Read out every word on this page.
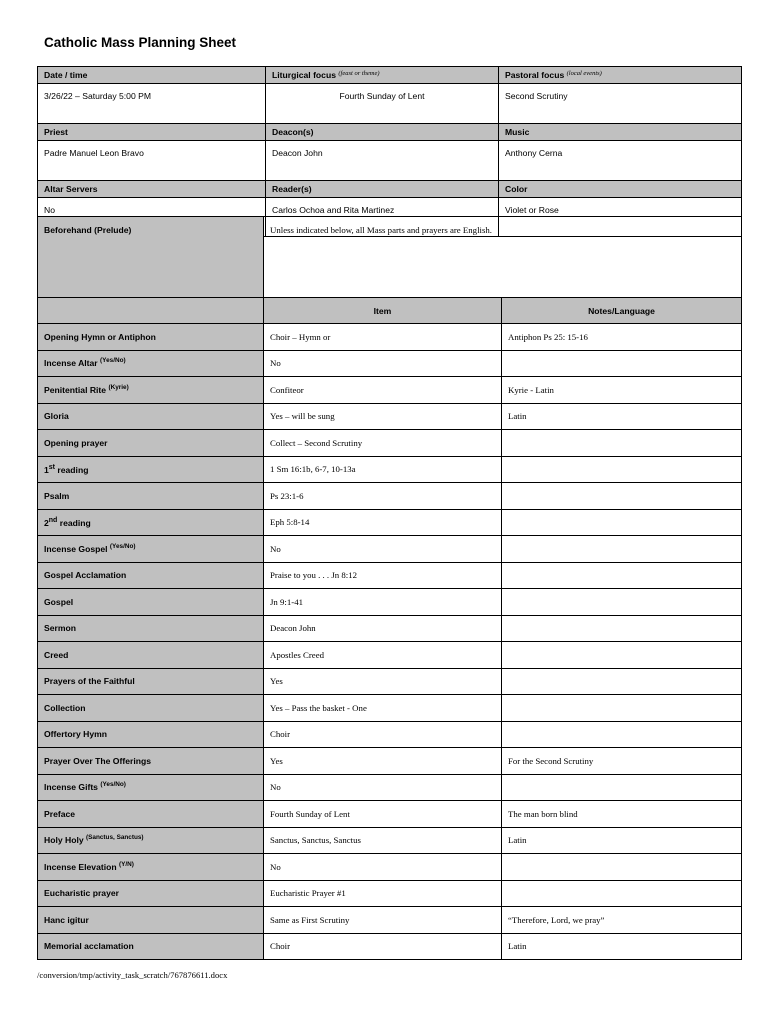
Catholic Mass Planning Sheet
Date / time	Liturgical focus $^{(feast or theme)}$	Pastoral focus $^{(local events)}$
3/26/22 – Saturday 5:00 PM	Fourth Sunday of Lent	Second Scrutiny
Priest	Deacon(s)	Music
Padre Manuel Leon Bravo	Deacon John	Anthony Cerna
Altar Servers	Reader(s)	Color
No	Carlos Ochoa and Rita Martinez	Violet or Rose
Beforehand (Prelude)	Unless indicated below, all Mass parts and prayers are English.	
	Item	Notes/Language
Opening Hymn or Antiphon	Choir – Hymn or	Antiphon Ps 25: 15-16
Incense Altar $^{(Yes/No)}$	No	
Penitential Rite $^{(Kyrie)}$	Confiteor	Kyrie - Latin
Gloria	Yes – will be sung	Latin
Opening prayer	Collect – Second Scrutiny	
1st reading	1 Sm 16:1b, 6-7, 10-13a	
Psalm	Ps 23:1-6	
2nd reading	Eph 5:8-14	
Incense Gospel $^{(Yes/No)}$	No	
Gospel Acclamation	Praise to you . . . Jn 8:12	
Gospel	Jn 9:1-41	
Sermon	Deacon John	
Creed	Apostles Creed	
Prayers of the Faithful	Yes	
Collection	Yes – Pass the basket - One	
Offertory Hymn	Choir	
Prayer Over The Offerings	Yes	For the Second Scrutiny
Incense Gifts $^{(Yes/No)}$	No	
Preface	Fourth Sunday of Lent	The man born blind
Holy Holy $^{(Sanctus, Sanctus)}$	Sanctus, Sanctus, Sanctus	Latin
Incense Elevation $^{(Y/N)}$	No	
Eucharistic prayer	Eucharistic Prayer #1	
Hanc igitur	Same as First Scrutiny	“Therefore, Lord, we pray”
Memorial acclamation	Choir	Latin
/conversion/tmp/activity_task_scratch/767876611.docx
